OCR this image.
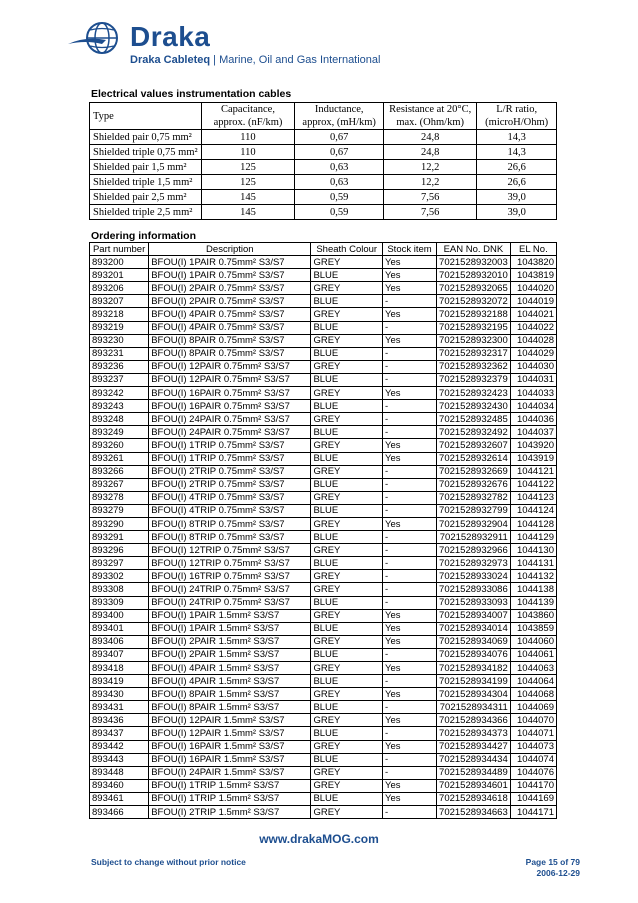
Draka
Draka Cableteq | Marine, Oil and Gas International
Electrical values instrumentation cables
Type	Capacitance, approx. (nF/km)	Inductance, approx, (mH/km)	Resistance at 20°C, max. (Ohm/km)	L/R ratio, (microH/Ohm)
Shielded pair 0,75 mm²	110	0,67	24,8	14,3
Shielded triple 0,75 mm²	110	0,67	24,8	14,3
Shielded pair 1,5 mm²	125	0,63	12,2	26,6
Shielded triple 1,5 mm²	125	0,63	12,2	26,6
Shielded pair 2,5 mm²	145	0,59	7,56	39,0
Shielded triple 2,5 mm²	145	0,59	7,56	39,0
Ordering information
Part number	Description	Sheath Colour	Stock item	EAN No. DNK	EL No.
893200	BFOU(I) 1PAIR 0.75mm² S3/S7	GREY	Yes	7021528932003	1043820
893201	BFOU(I) 1PAIR 0.75mm² S3/S7	BLUE	Yes	7021528932010	1043819
893206	BFOU(I) 2PAIR 0.75mm² S3/S7	GREY	Yes	7021528932065	1044020
893207	BFOU(I) 2PAIR 0.75mm² S3/S7	BLUE	-	7021528932072	1044019
893218	BFOU(I) 4PAIR 0.75mm² S3/S7	GREY	Yes	7021528932188	1044021
893219	BFOU(I) 4PAIR 0.75mm² S3/S7	BLUE	-	7021528932195	1044022
893230	BFOU(I) 8PAIR 0.75mm² S3/S7	GREY	Yes	7021528932300	1044028
893231	BFOU(I) 8PAIR 0.75mm² S3/S7	BLUE	-	7021528932317	1044029
893236	BFOU(I) 12PAIR 0.75mm² S3/S7	GREY	-	7021528932362	1044030
893237	BFOU(I) 12PAIR 0.75mm² S3/S7	BLUE	-	7021528932379	1044031
893242	BFOU(I) 16PAIR 0.75mm² S3/S7	GREY	Yes	7021528932423	1044033
893243	BFOU(I) 16PAIR 0.75mm² S3/S7	BLUE	-	7021528932430	1044034
893248	BFOU(I) 24PAIR 0.75mm² S3/S7	GREY	-	7021528932485	1044036
893249	BFOU(I) 24PAIR 0.75mm² S3/S7	BLUE	-	7021528932492	1044037
893260	BFOU(I) 1TRIP 0.75mm² S3/S7	GREY	Yes	7021528932607	1043920
893261	BFOU(I) 1TRIP 0.75mm² S3/S7	BLUE	Yes	7021528932614	1043919
893266	BFOU(I) 2TRIP 0.75mm² S3/S7	GREY	-	7021528932669	1044121
893267	BFOU(I) 2TRIP 0.75mm² S3/S7	BLUE	-	7021528932676	1044122
893278	BFOU(I) 4TRIP 0.75mm² S3/S7	GREY	-	7021528932782	1044123
893279	BFOU(I) 4TRIP 0.75mm² S3/S7	BLUE	-	7021528932799	1044124
893290	BFOU(I) 8TRIP 0.75mm² S3/S7	GREY	Yes	7021528932904	1044128
893291	BFOU(I) 8TRIP 0.75mm² S3/S7	BLUE	-	7021528932911	1044129
893296	BFOU(I) 12TRIP 0.75mm² S3/S7	GREY	-	7021528932966	1044130
893297	BFOU(I) 12TRIP 0.75mm² S3/S7	BLUE	-	7021528932973	1044131
893302	BFOU(I) 16TRIP 0.75mm² S3/S7	GREY	-	7021528933024	1044132
893308	BFOU(I) 24TRIP 0.75mm² S3/S7	GREY	-	7021528933086	1044138
893309	BFOU(I) 24TRIP 0.75mm² S3/S7	BLUE	-	7021528933093	1044139
893400	BFOU(I) 1PAIR 1.5mm² S3/S7	GREY	Yes	7021528934007	1043860
893401	BFOU(I) 1PAIR 1.5mm² S3/S7	BLUE	Yes	7021528934014	1043859
893406	BFOU(I) 2PAIR 1.5mm² S3/S7	GREY	Yes	7021528934069	1044060
893407	BFOU(I) 2PAIR 1.5mm² S3/S7	BLUE	-	7021528934076	1044061
893418	BFOU(I) 4PAIR 1.5mm² S3/S7	GREY	Yes	7021528934182	1044063
893419	BFOU(I) 4PAIR 1.5mm² S3/S7	BLUE	-	7021528934199	1044064
893430	BFOU(I) 8PAIR 1.5mm² S3/S7	GREY	Yes	7021528934304	1044068
893431	BFOU(I) 8PAIR 1.5mm² S3/S7	BLUE	-	7021528934311	1044069
893436	BFOU(I) 12PAIR 1.5mm² S3/S7	GREY	Yes	7021528934366	1044070
893437	BFOU(I) 12PAIR 1.5mm² S3/S7	BLUE	-	7021528934373	1044071
893442	BFOU(I) 16PAIR 1.5mm² S3/S7	GREY	Yes	7021528934427	1044073
893443	BFOU(I) 16PAIR 1.5mm² S3/S7	BLUE	-	7021528934434	1044074
893448	BFOU(I) 24PAIR 1.5mm² S3/S7	GREY	-	7021528934489	1044076
893460	BFOU(I) 1TRIP 1.5mm² S3/S7	GREY	Yes	7021528934601	1044170
893461	BFOU(I) 1TRIP 1.5mm² S3/S7	BLUE	Yes	7021528934618	1044169
893466	BFOU(I) 2TRIP 1.5mm² S3/S7	GREY	-	7021528934663	1044171
www.drakaMOG.com
Subject to change without prior notice	Page 15 of 79
2006-12-29
